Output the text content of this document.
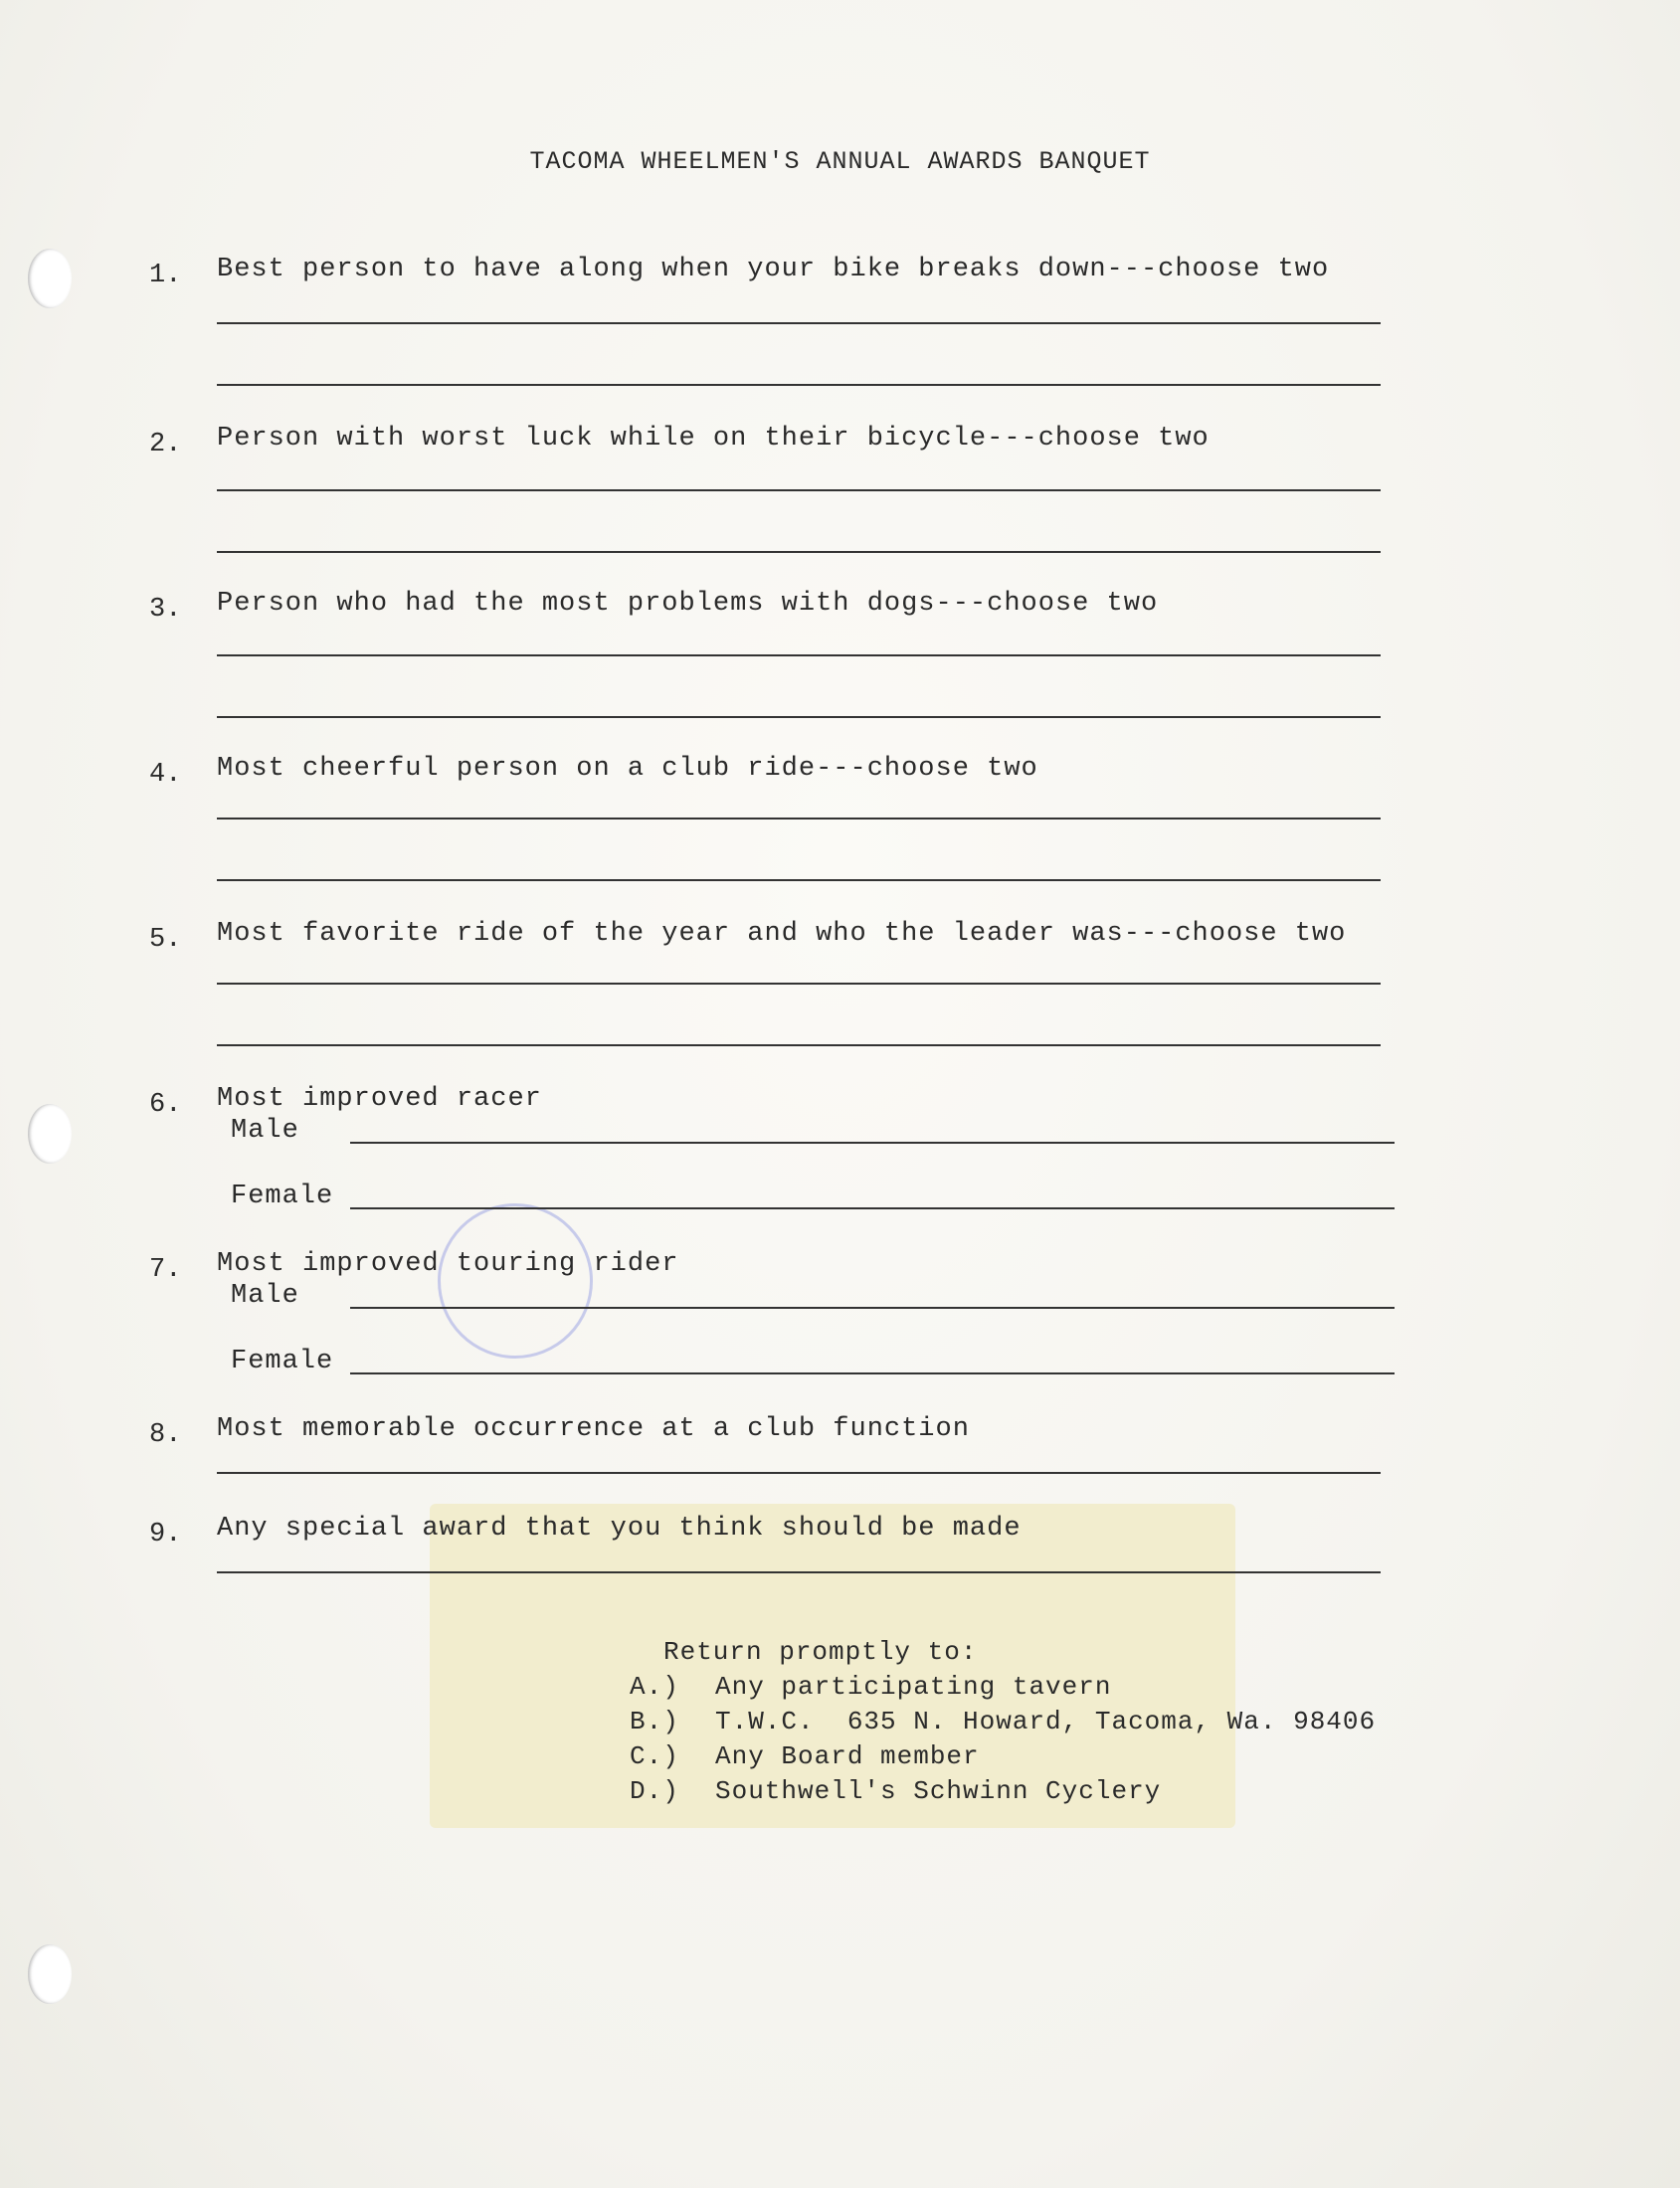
TACOMA WHEELMEN'S ANNUAL AWARDS BANQUET
1. Best person to have along when your bike breaks down---choose two
2. Person with worst luck while on their bicycle---choose two
3. Person who had the most problems with dogs---choose two
4. Most cheerful person on a club ride---choose two
5. Most favorite ride of the year and who the leader was---choose two
6. Most improved racer
Male
Female
7. Most improved touring rider
Male
Female
8. Most memorable occurrence at a club function
9. Any special award that you think should be made
Return promptly to:
A.)	Any participating tavern
B.)	T.W.C.  635 N. Howard, Tacoma, Wa. 98406
C.)	Any Board member
D.)	Southwell's Schwinn Cyclery
